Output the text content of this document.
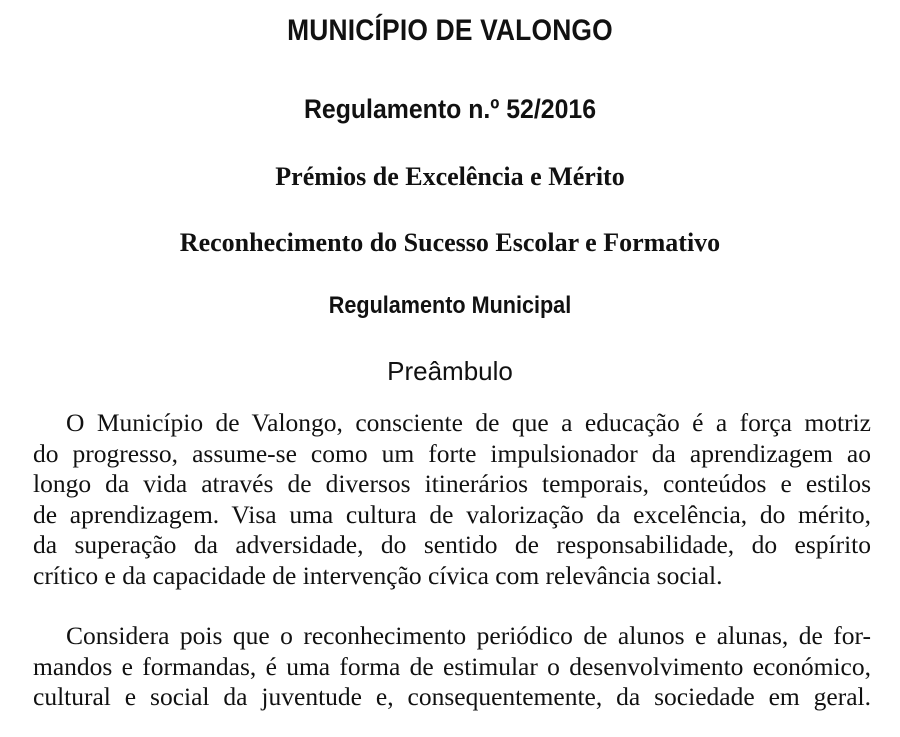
MUNICÍPIO DE VALONGO
Regulamento n.º 52/2016
Prémios de Excelência e Mérito
Reconhecimento do Sucesso Escolar e Formativo
Regulamento Municipal
Preâmbulo
O Município de Valongo, consciente de que a educação é a força motriz
do progresso, assume-se como um forte impulsionador da aprendizagem ao
longo da vida através de diversos itinerários temporais, conteúdos e estilos
de aprendizagem. Visa uma cultura de valorização da excelência, do mérito,
da superação da adversidade, do sentido de responsabilidade, do espírito
crítico e da capacidade de intervenção cívica com relevância social.
Considera pois que o reconhecimento periódico de alunos e alunas, de for-
mandos e formandas, é uma forma de estimular o desenvolvimento económico,
cultural e social da juventude e, consequentemente, da sociedade em geral.
